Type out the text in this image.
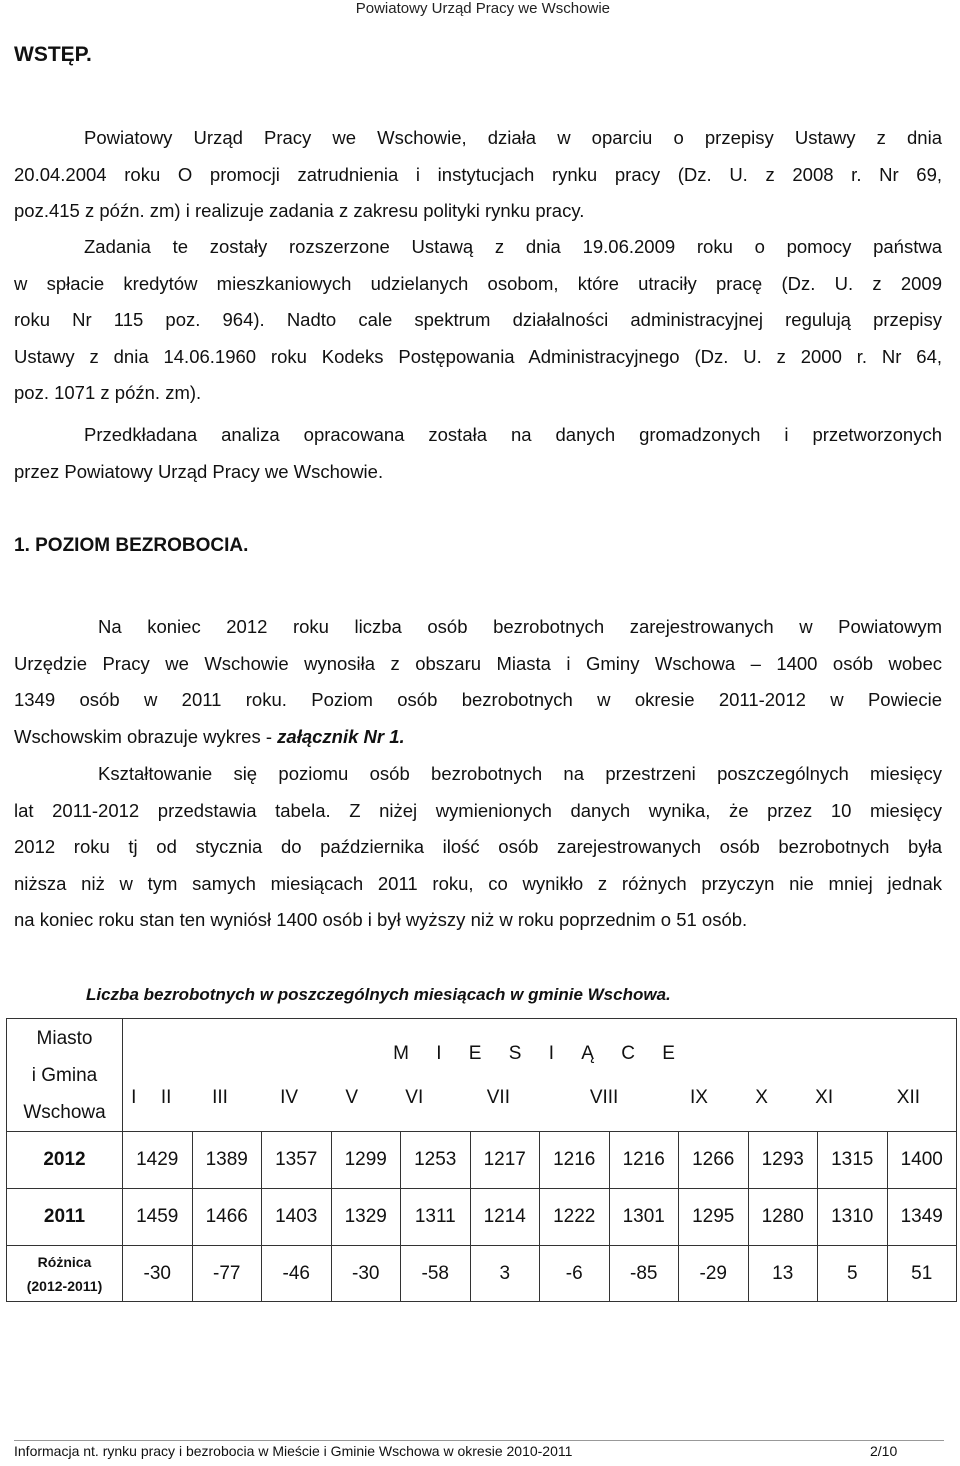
Powiatowy Urząd Pracy we Wschowie
WSTĘP.
Powiatowy Urząd Pracy we Wschowie, działa w oparciu o przepisy Ustawy z dnia
20.04.2004 roku O promocji zatrudnienia i instytucjach rynku pracy (Dz. U. z 2008 r. Nr 69,
poz.415 z późn. zm) i realizuje zadania z zakresu polityki rynku pracy.
Zadania te zostały rozszerzone Ustawą z dnia 19.06.2009 roku o pomocy państwa
w spłacie kredytów mieszkaniowych udzielanych osobom, które utraciły pracę (Dz. U. z 2009
roku Nr 115 poz. 964). Nadto cale spektrum działalności administracyjnej regulują przepisy
Ustawy z dnia 14.06.1960 roku Kodeks Postępowania Administracyjnego (Dz. U. z 2000 r. Nr 64,
poz. 1071 z późn. zm).
Przedkładana analiza opracowana została na danych gromadzonych i przetworzonych
przez Powiatowy Urząd Pracy we Wschowie.
1. POZIOM BEZROBOCIA.
Na koniec 2012 roku liczba osób bezrobotnych zarejestrowanych w Powiatowym
Urzędzie Pracy we Wschowie wynosiła z obszaru Miasta i Gminy Wschowa – 1400 osób wobec
1349 osób w 2011 roku. Poziom osób bezrobotnych w okresie 2011-2012 w Powiecie
Wschowskim obrazuje wykres - załącznik Nr 1.
Kształtowanie się poziomu osób bezrobotnych na przestrzeni poszczególnych miesięcy
lat 2011-2012 przedstawia tabela. Z niżej wymienionych danych wynika, że przez 10 miesięcy
2012 roku tj od stycznia do października ilość osób zarejestrowanych osób bezrobotnych była
niższa niż w tym samych miesiącach 2011 roku, co wynikło z różnych przyczyn nie mniej jednak
na koniec roku stan ten wyniósł 1400 osób i był wyższy niż w roku poprzednim o 51 osób.
Liczba bezrobotnych w poszczególnych miesiącach w gminie Wschowa.
Miasto
i Gmina
Wschowa

M I E S I Ą C E
I	II	III	IV	V	VI	VII	VIII	IX	X	XI	XII

2012	1429	1389	1357	1299	1253	1217	1216	1216	1266	1293	1315	1400
2011	1459	1466	1403	1329	1311	1214	1222	1301	1295	1280	1310	1349

Różnica
(2012-2011)
	-30	-77	-46	-30	-58	3	-6	-85	-29	13	5	51
Informacja nt. rynku pracy i bezrobocia w Mieście i Gminie Wschowa w okresie 2010-2011	2/10
